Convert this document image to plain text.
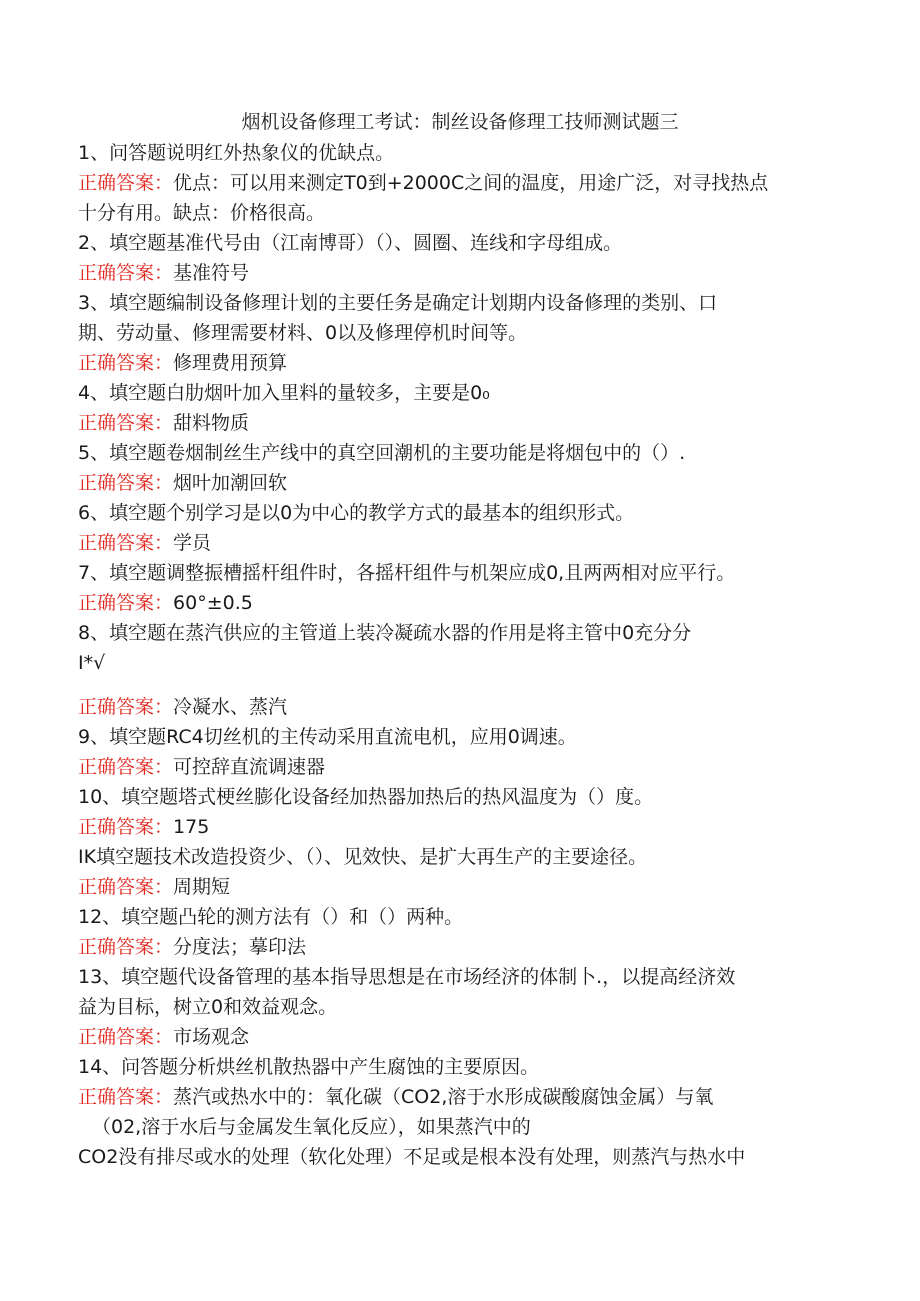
烟机设备修理工考试：制丝设备修理工技师测试题三

1、问答题说明红外热象仪的优缺点。

正确答案：优点：可以用来测定T0到+2000C之间的温度，用途广泛，对寻找热点

十分有用。缺点：价格很高。

2、填空题基准代号由（江南博哥）（）、圆圈、连线和字母组成。

正确答案：基准符号

3、填空题编制设备修理计划的主要任务是确定计划期内设备修理的类别、口

期、劳动量、修理需要材料、0以及修理停机时间等。

正确答案：修理费用预算

4、填空题白肋烟叶加入里料的量较多，主要是0₀

正确答案：甜料物质

5、填空题卷烟制丝生产线中的真空回潮机的主要功能是将烟包中的（）.

正确答案：烟叶加潮回软

6、填空题个别学习是以0为中心的教学方式的最基本的组织形式。

正确答案：学员

7、填空题调整振槽摇杆组件时，各摇杆组件与机架应成0,且两两相对应平行。

正确答案：60°±0.5

8、填空题在蒸汽供应的主管道上装冷凝疏水器的作用是将主管中0充分分

I*√

正确答案：冷凝水、蒸汽

9、填空题RC4切丝机的主传动采用直流电机，应用0调速。

正确答案：可控辞直流调速器

10、填空题塔式梗丝膨化设备经加热器加热后的热风温度为（）度。

正确答案：175

IK填空题技术改造投资少、（）、见效快、是扩大再生产的主要途径。

正确答案：周期短

12、填空题凸轮的测方法有（）和（）两种。

正确答案：分度法；摹印法

13、填空题代设备管理的基本指导思想是在市场经济的体制卜.，以提高经济效

益为目标，树立0和效益观念。

正确答案：市场观念

14、问答题分析烘丝机散热器中产生腐蚀的主要原因。

正确答案：蒸汽或热水中的：氧化碳（CO2,溶于水形成碳酸腐蚀金属）与氧

（02,溶于水后与金属发生氧化反应），如果蒸汽中的

CO2没有排尽或水的处理（软化处理）不足或是根本没有处理，则蒸汽与热水中
